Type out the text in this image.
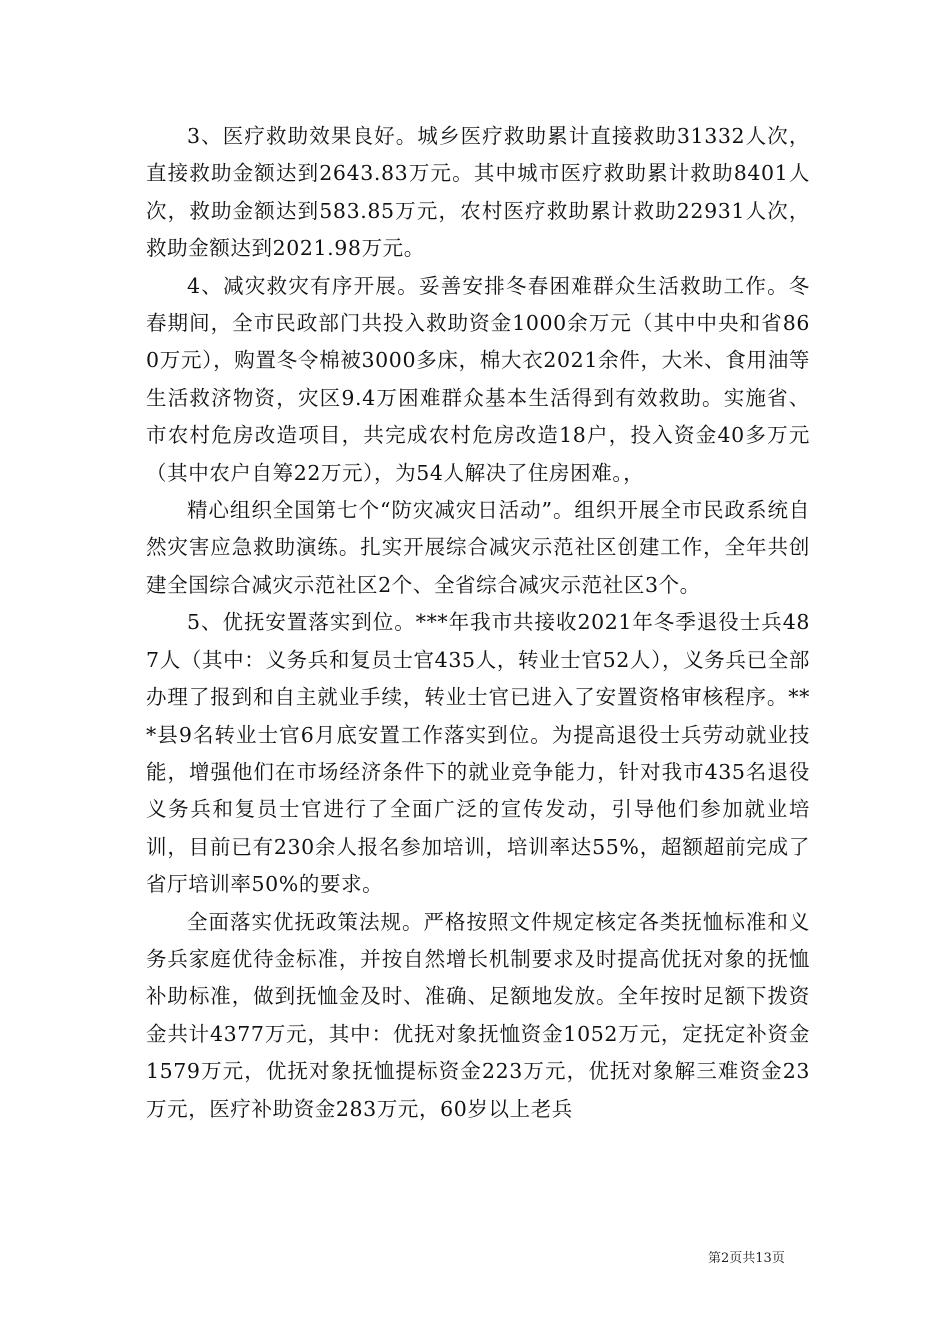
3、医疗救助效果良好。城乡医疗救助累计直接救助31332人次，直接救助金额达到2643.83万元。其中城市医疗救助累计救助8401人次，救助金额达到583.85万元，农村医疗救助累计救助22931人次，救助金额达到2021.98万元。

4、减灾救灾有序开展。妥善安排冬春困难群众生活救助工作。冬春期间，全市民政部门共投入救助资金1000余万元（其中中央和省860万元），购置冬令棉被3000多床，棉大衣2021余件，大米、食用油等生活救济物资，灾区9.4万困难群众基本生活得到有效救助。实施省、市农村危房改造项目，共完成农村危房改造18户，投入资金40多万元（其中农户自筹22万元），为54人解决了住房困难。，

精心组织全国第七个“防灾减灾日活动”。组织开展全市民政系统自然灾害应急救助演练。扎实开展综合减灾示范社区创建工作，全年共创建全国综合减灾示范社区2个、全省综合减灾示范社区3个。

5、优抚安置落实到位。***年我市共接收2021年冬季退役士兵487人（其中：义务兵和复员士官435人，转业士官52人），义务兵已全部办理了报到和自主就业手续，转业士官已进入了安置资格审核程序。***县9名转业士官6月底安置工作落实到位。为提高退役士兵劳动就业技能，增强他们在市场经济条件下的就业竞争能力，针对我市435名退役义务兵和复员士官进行了全面广泛的宣传发动，引导他们参加就业培训，目前已有230余人报名参加培训，培训率达55%，超额超前完成了省厅培训率50%的要求。

全面落实优抚政策法规。严格按照文件规定核定各类抚恤标准和义务兵家庭优待金标准，并按自然增长机制要求及时提高优抚对象的抚恤补助标准，做到抚恤金及时、准确、足额地发放。全年按时足额下拨资金共计4377万元，其中：优抚对象抚恤资金1052万元，定抚定补资金1579万元，优抚对象抚恤提标资金223万元，优抚对象解三难资金23万元，医疗补助资金283万元，60岁以上老兵

第2页共13页
